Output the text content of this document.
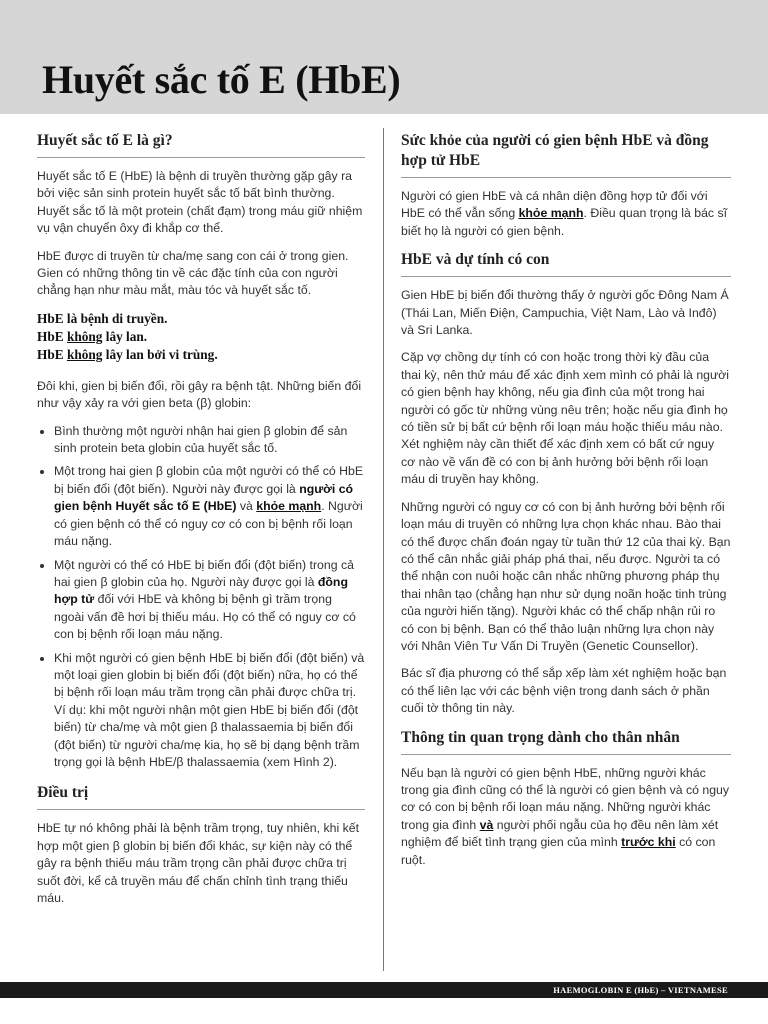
Huyết sắc tố E (HbE)
Huyết sắc tố E là gì?

Huyết sắc tố E (HbE) là bệnh di truyền thường gặp gây ra bởi việc sản sinh protein huyết sắc tố bất bình thường. Huyết sắc tố là một protein (chất đạm) trong máu giữ nhiệm vụ vận chuyển ôxy đi khắp cơ thể.

HbE được di truyền từ cha/mẹ sang con cái ở trong gien. Gien có những thông tin về các đặc tính của con người chẳng hạn như màu mắt, màu tóc và huyết sắc tố.

HbE là bệnh di truyền.
HbE không lây lan.
HbE không lây lan bởi vi trùng.

Đôi khi, gien bị biến đổi, rồi gây ra bệnh tật. Những biến đổi như vậy xảy ra với gien beta (β) globin:

• Bình thường một người nhận hai gien β globin để sản sinh protein beta globin của huyết sắc tố.
• Một trong hai gien β globin của một người có thể có HbE bị biến đổi (đột biến). Người này được gọi là người có gien bệnh Huyết sắc tố E (HbE) và khỏe mạnh. Người có gien bệnh có thể có nguy cơ có con bị bệnh rối loạn máu nặng.
• Một người có thể có HbE bị biến đổi (đột biến) trong cả hai gien β globin của họ. Người này được gọi là đồng hợp tử đối với HbE và không bị bệnh gì trầm trọng ngoài vấn đề hơi bị thiếu máu. Họ có thể có nguy cơ có con bị bệnh rối loạn máu nặng.
• Khi một người có gien bệnh HbE bị biến đổi (đột biến) và một loại gien globin bị biến đổi (đột biến) nữa, họ có thể bị bệnh rối loạn máu trầm trọng cần phải được chữa trị. Ví dụ: khi một người nhận một gien HbE bị biến đổi (đột biến) từ cha/mẹ và một gien β thalassaemia bị biến đổi (đột biến) từ người cha/mẹ kia, họ sẽ bị dạng bệnh trầm trọng gọi là bệnh HbE/β thalassaemia (xem Hình 2).
Điều trị

HbE tự nó không phải là bệnh trầm trọng, tuy nhiên, khi kết hợp một gien β globin bị biến đổi khác, sự kiện này có thể gây ra bệnh thiếu máu trầm trọng cần phải được chữa trị suốt đời, kể cả truyền máu để chấn chỉnh tình trạng thiếu máu.

Sức khỏe của người có gien bệnh HbE và đồng hợp tử HbE

Người có gien HbE và cá nhân diện đồng hợp tử đối với HbE có thể vẫn sống khỏe mạnh. Điều quan trọng là bác sĩ biết họ là người có gien bệnh.

HbE và dự tính có con

Gien HbE bị biến đổi thường thấy ở người gốc Đông Nam Á (Thái Lan, Miến Điện, Campuchia, Việt Nam, Lào và Inđô) và Sri Lanka.

Cặp vợ chồng dự tính có con hoặc trong thời kỳ đầu của thai kỳ, nên thử máu để xác định xem mình có phải là người có gien bệnh hay không, nếu gia đình của một trong hai người có gốc từ những vùng nêu trên; hoặc nếu gia đình họ có tiền sử bị bất cứ bệnh rối loạn máu hoặc thiếu máu nào. Xét nghiệm này cần thiết để xác định xem có bất cứ nguy cơ nào về vấn đề có con bị ảnh hưởng bởi bệnh rối loạn máu di truyền hay không.

Những người có nguy cơ có con bị ảnh hưởng bởi bệnh rối loạn máu di truyền có những lựa chọn khác nhau. Bào thai có thể được chẩn đoán ngay từ tuần thứ 12 của thai kỳ. Bạn có thể cân nhắc giải pháp phá thai, nếu được. Người ta có thể nhận con nuôi hoặc cân nhắc những phương pháp thụ thai nhân tạo (chẳng hạn như sử dụng noãn hoặc tinh trùng của người hiến tặng). Người khác có thể chấp nhận rủi ro có con bị bệnh. Bạn có thể thảo luận những lựa chọn này với Nhân Viên Tư Vấn Di Truyền (Genetic Counsellor).

Bác sĩ địa phương có thể sắp xếp làm xét nghiệm hoặc bạn có thể liên lạc với các bệnh viện trong danh sách ở phần cuối tờ thông tin này.

Thông tin quan trọng dành cho thân nhân

Nếu bạn là người có gien bệnh HbE, những người khác trong gia đình cũng có thể là người có gien bệnh và có nguy cơ có con bị bệnh rối loạn máu nặng. Những người khác trong gia đình và người phối ngẫu của họ đều nên làm xét nghiệm để biết tình trạng gien của mình trước khi có con ruột.

HAEMOGLOBIN E (HbE) – VIETNAMESE
